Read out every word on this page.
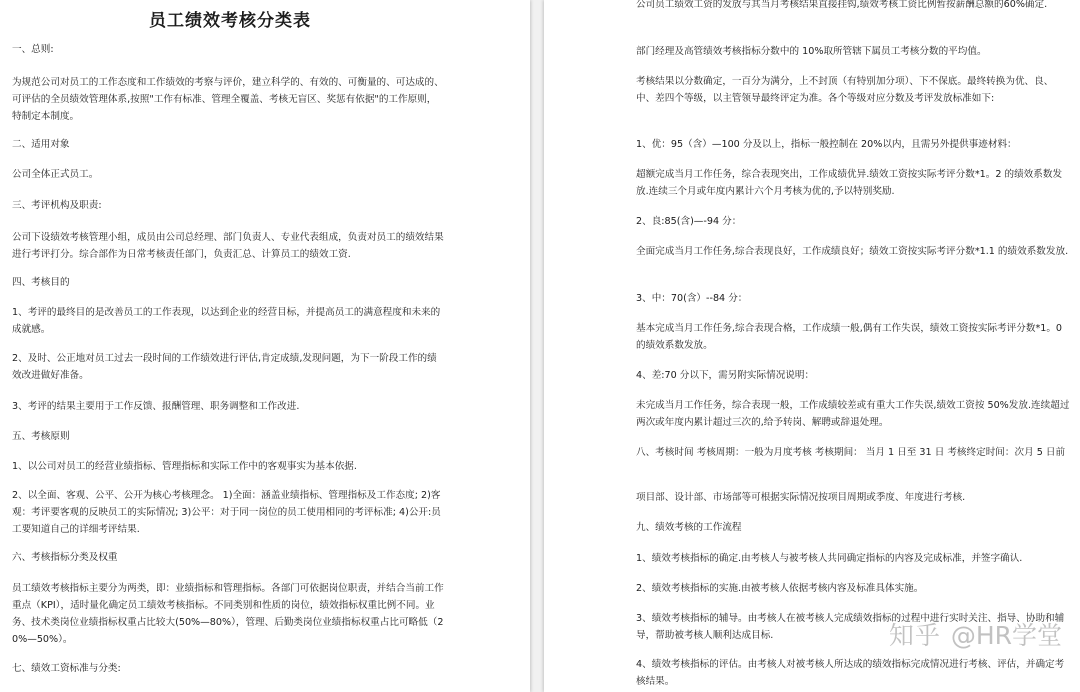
员工绩效考核分类表

一、总则:

为规范公司对员工的工作态度和工作绩效的考察与评价，建立科学的、有效的、可衡量的、可达成的、可评估的全员绩效管理体系,按照"工作有标准、管理全覆盖、考核无盲区、奖惩有依据"的工作原则，特制定本制度。

二、适用对象

公司全体正式员工。

三、考评机构及职责:

公司下设绩效考核管理小组，成员由公司总经理、部门负责人、专业代表组成，负责对员工的绩效结果进行考评打分。综合部作为日常考核责任部门，负责汇总、计算员工的绩效工资.

四、考核目的

1、考评的最终目的是改善员工的工作表现，以达到企业的经营目标，并提高员工的满意程度和未来的成就感。

2、及时、公正地对员工过去一段时间的工作绩效进行评估,肯定成绩,发现问题，为下一阶段工作的绩效改进做好准备。

3、考评的结果主要用于工作反馈、报酬管理、职务调整和工作改进.

五、考核原则

1、以公司对员工的经营业绩指标、管理指标和实际工作中的客观事实为基本依据.

2、以全面、客观、公平、公开为核心考核理念。 1)全面：涵盖业绩指标、管理指标及工作态度; 2)客观：考评要客观的反映员工的实际情况; 3)公平：对于同一岗位的员工使用相同的考评标准; 4)公开:员工要知道自己的详细考评结果.

六、考核指标分类及权重

员工绩效考核指标主要分为两类，即：业绩指标和管理指标。各部门可依据岗位职责，并结合当前工作重点（KPI），适时量化确定员工绩效考核指标。不同类别和性质的岗位，绩效指标权重比例不同。业务、技术类岗位业绩指标权重占比较大(50%—80%），管理、后勤类岗位业绩指标权重占比可略低（20%—50%）。

七、绩效工资标准与分类:

公司员工绩效工资的发放与其当月考核结果直接挂钩,绩效考核工资比例暂按薪酬总额的60%确定.

部门经理及高管绩效考核指标分数中的 10%取所管辖下属员工考核分数的平均值。

考核结果以分数确定，一百分为满分，上不封顶（有特别加分项）、下不保底。最终转换为优、良、中、差四个等级，以主管领导最终评定为准。各个等级对应分数及考评发放标准如下:

1、优：95（含）—100 分及以上，指标一般控制在 20%以内，且需另外提供事迹材料：

超额完成当月工作任务，综合表现突出，工作成绩优异.绩效工资按实际考评分数*1。2 的绩效系数发放.连续三个月或年度内累计六个月考核为优的,予以特别奖励.

2、良:85(含)—-94 分：

全面完成当月工作任务,综合表现良好，工作成绩良好；绩效工资按实际考评分数*1.1 的绩效系数发放.

3、中：70(含）--84 分：

基本完成当月工作任务,综合表现合格，工作成绩一般,偶有工作失误，绩效工资按实际考评分数*1。0 的绩效系数发放。

4、差:70 分以下，需另附实际情况说明：

未完成当月工作任务，综合表现一般，工作成绩较差或有重大工作失误,绩效工资按 50%发放.连续超过两次或年度内累计超过三次的,给予转岗、解聘或辞退处理。

八、考核时间 考核周期：一般为月度考核 考核期间： 当月 1 日至 31 日 考核终定时间：次月 5 日前

项目部、设计部、市场部等可根据实际情况按项目周期或季度、年度进行考核.

九、绩效考核的工作流程

1、绩效考核指标的确定.由考核人与被考核人共同确定指标的内容及完成标准，并签字确认.

2、绩效考核指标的实施.由被考核人依据考核内容及标准具体实施。

3、绩效考核指标的辅导。由考核人在被考核人完成绩效指标的过程中进行实时关注、指导、协助和辅导，帮助被考核人顺利达成目标.

4、绩效考核指标的评估。由考核人对被考核人所达成的绩效指标完成情况进行考核、评估，并确定考核结果。

知乎 @HR学堂
